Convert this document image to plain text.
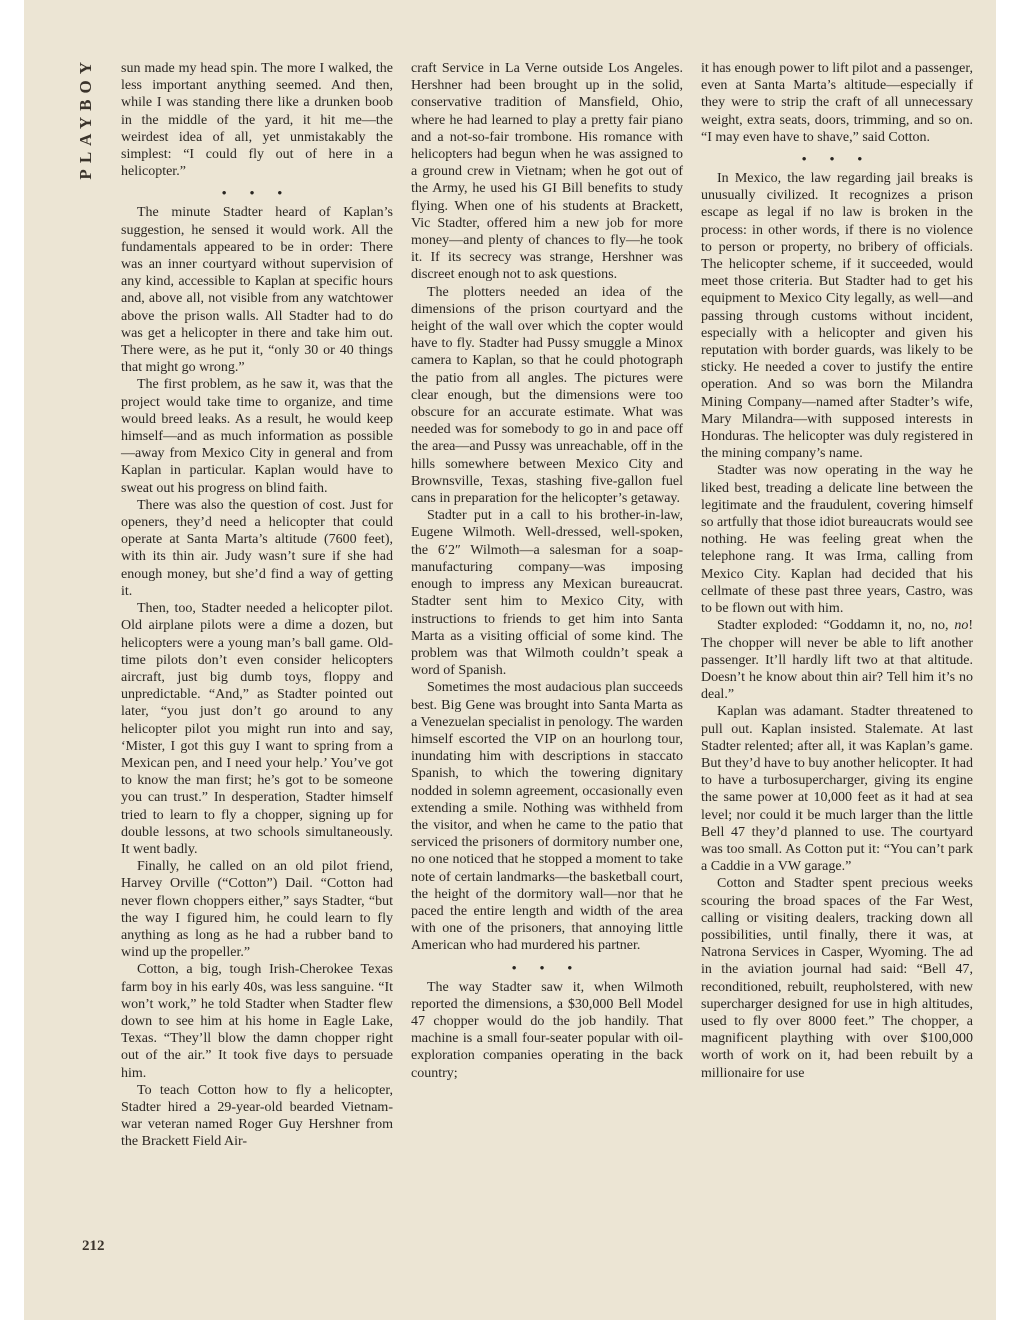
PLAYBOY sun made my head spin. The more I walked, the less important anything seemed. And then, while I was standing there like a drunken boob in the middle of the yard, it hit me—the weirdest idea of all, yet unmistakably the simplest: “I could fly out of here in a helicopter.”

• • •

The minute Stadter heard of Kaplan’s suggestion, he sensed it would work. All the fundamentals appeared to be in order: There was an inner courtyard without supervision of any kind, accessible to Kaplan at specific hours and, above all, not visible from any watchtower above the prison walls. All Stadter had to do was get a helicopter in there and take him out. There were, as he put it, “only 30 or 40 things that might go wrong.”

The first problem, as he saw it, was that the project would take time to organize, and time would breed leaks. As a result, he would keep himself—and as much information as possible—away from Mexico City in general and from Kaplan in particular. Kaplan would have to sweat out his progress on blind faith.

There was also the question of cost. Just for openers, they’d need a helicopter that could operate at Santa Marta’s altitude (7600 feet), with its thin air. Judy wasn’t sure if she had enough money, but she’d find a way of getting it.

Then, too, Stadter needed a helicopter pilot. Old airplane pilots were a dime a dozen, but helicopters were a young man’s ball game. Old-time pilots don’t even consider helicopters aircraft, just big dumb toys, floppy and unpredictable. “And,” as Stadter pointed out later, “you just don’t go around to any helicopter pilot you might run into and say, ‘Mister, I got this guy I want to spring from a Mexican pen, and I need your help.’ You’ve got to know the man first; he’s got to be someone you can trust.” In desperation, Stadter himself tried to learn to fly a chopper, signing up for double lessons, at two schools simultaneously. It went badly.

Finally, he called on an old pilot friend, Harvey Orville (“Cotton”) Dail. “Cotton had never flown choppers either,” says Stadter, “but the way I figured him, he could learn to fly anything as long as he had a rubber band to wind up the propeller.”

Cotton, a big, tough Irish-Cherokee Texas farm boy in his early 40s, was less sanguine. “It won’t work,” he told Stadter when Stadter flew down to see him at his home in Eagle Lake, Texas. “They’ll blow the damn chopper right out of the air.” It took five days to persuade him.

To teach Cotton how to fly a helicopter, Stadter hired a 29-year-old bearded Vietnam-war veteran named Roger Guy Hershner from the Brackett Field Air-

craft Service in La Verne outside Los Angeles. Hershner had been brought up in the solid, conservative tradition of Mansfield, Ohio, where he had learned to play a pretty fair piano and a not-so-fair trombone. His romance with helicopters had begun when he was assigned to a ground crew in Vietnam; when he got out of the Army, he used his GI Bill benefits to study flying. When one of his students at Brackett, Vic Stadter, offered him a new job for more money—and plenty of chances to fly—he took it. If its secrecy was strange, Hershner was discreet enough not to ask questions.

The plotters needed an idea of the dimensions of the prison courtyard and the height of the wall over which the copter would have to fly. Stadter had Pussy smuggle a Minox camera to Kaplan, so that he could photograph the patio from all angles. The pictures were clear enough, but the dimensions were too obscure for an accurate estimate. What was needed was for somebody to go in and pace off the area—and Pussy was unreachable, off in the hills somewhere between Mexico City and Brownsville, Texas, stashing five-gallon fuel cans in preparation for the helicopter’s getaway.

Stadter put in a call to his brother-in-law, Eugene Wilmoth. Well-dressed, well-spoken, the 6′2″ Wilmoth—a salesman for a soap-manufacturing company—was imposing enough to impress any Mexican bureaucrat. Stadter sent him to Mexico City, with instructions to friends to get him into Santa Marta as a visiting official of some kind. The problem was that Wilmoth couldn’t speak a word of Spanish.

Sometimes the most audacious plan succeeds best. Big Gene was brought into Santa Marta as a Venezuelan specialist in penology. The warden himself escorted the VIP on an hourlong tour, inundating him with descriptions in staccato Spanish, to which the towering dignitary nodded in solemn agreement, occasionally even extending a smile. Nothing was withheld from the visitor, and when he came to the patio that serviced the prisoners of dormitory number one, no one noticed that he stopped a moment to take note of certain landmarks—the basketball court, the height of the dormitory wall—nor that he paced the entire length and width of the area with one of the prisoners, that annoying little American who had murdered his partner.

• • •

The way Stadter saw it, when Wilmoth reported the dimensions, a $30,000 Bell Model 47 chopper would do the job handily. That machine is a small four-seater popular with oil-exploration companies operating in the back country;

it has enough power to lift pilot and a passenger, even at Santa Marta’s altitude—especially if they were to strip the craft of all unnecessary weight, extra seats, doors, trimming, and so on. “I may even have to shave,” said Cotton.

• • •

In Mexico, the law regarding jail breaks is unusually civilized. It recognizes a prison escape as legal if no law is broken in the process: in other words, if there is no violence to person or property, no bribery of officials. The helicopter scheme, if it succeeded, would meet those criteria. But Stadter had to get his equipment to Mexico City legally, as well—and passing through customs without incident, especially with a helicopter and given his reputation with border guards, was likely to be sticky. He needed a cover to justify the entire operation. And so was born the Milandra Mining Company—named after Stadter’s wife, Mary Milandra—with supposed interests in Honduras. The helicopter was duly registered in the mining company’s name.

Stadter was now operating in the way he liked best, treading a delicate line between the legitimate and the fraudulent, covering himself so artfully that those idiot bureaucrats would see nothing. He was feeling great when the telephone rang. It was Irma, calling from Mexico City. Kaplan had decided that his cellmate of these past three years, Castro, was to be flown out with him.

Stadter exploded: “Goddamn it, no, no, no! The chopper will never be able to lift another passenger. It’ll hardly lift two at that altitude. Doesn’t he know about thin air? Tell him it’s no deal.”

Kaplan was adamant. Stadter threatened to pull out. Kaplan insisted. Stalemate. At last Stadter relented; after all, it was Kaplan’s game. But they’d have to buy another helicopter. It had to have a turbosupercharger, giving its engine the same power at 10,000 feet as it had at sea level; nor could it be much larger than the little Bell 47 they’d planned to use. The courtyard was too small. As Cotton put it: “You can’t park a Caddie in a VW garage.”

Cotton and Stadter spent precious weeks scouring the broad spaces of the Far West, calling or visiting dealers, tracking down all possibilities, until finally, there it was, at Natrona Services in Casper, Wyoming. The ad in the aviation journal had said: “Bell 47, reconditioned, rebuilt, reupholstered, with new supercharger designed for use in high altitudes, used to fly over 8000 feet.” The chopper, a magnificent plaything with over $100,000 worth of work on it, had been rebuilt by a millionaire for use

212
